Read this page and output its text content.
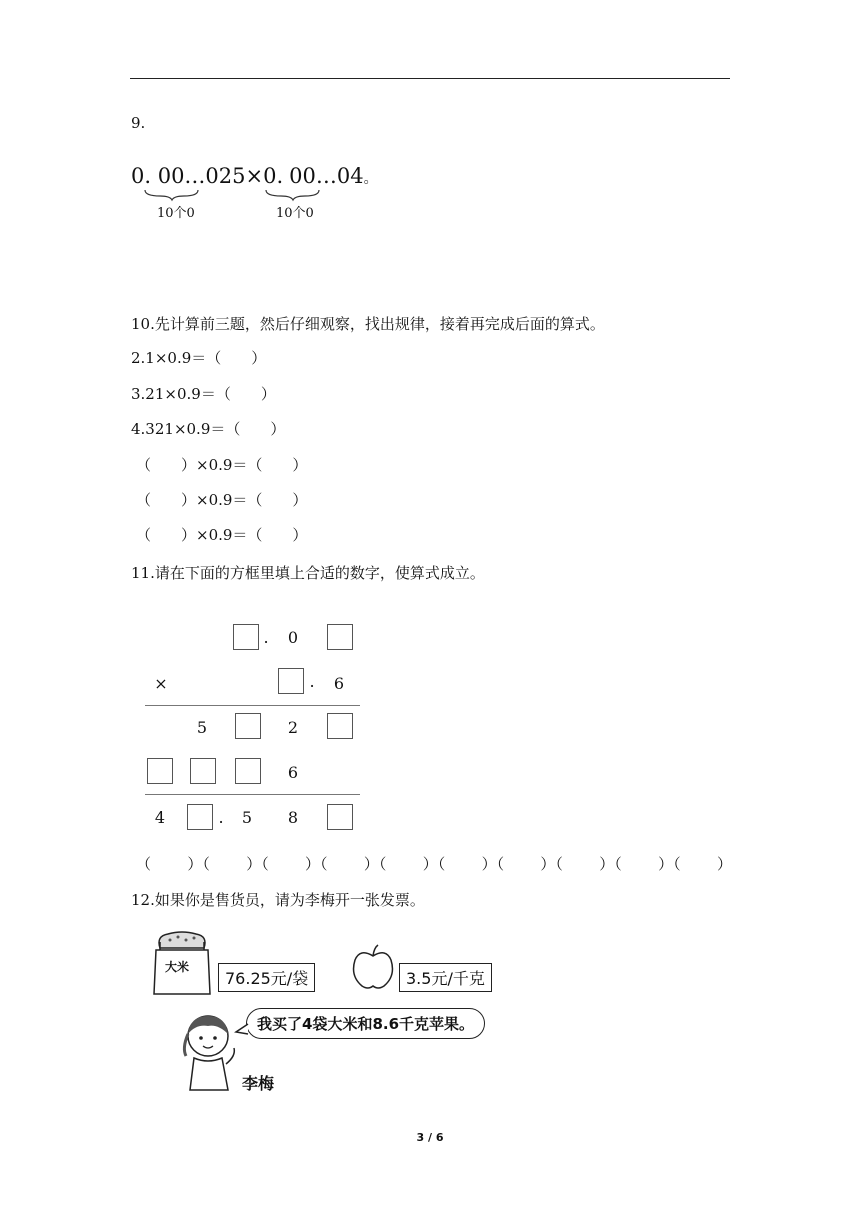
9.
0. 00…025×0. 00…04。
10个0	10个0
10.先计算前三题，然后仔细观察，找出规律，接着再完成后面的算式。
2.1×0.9＝（　　）
3.21×0.9＝（　　）
4.321×0.9＝（　　）
（　　）×0.9＝（　　）
（　　）×0.9＝（　　）
（　　）×0.9＝（　　）
11.请在下面的方框里填上合适的数字，使算式成立。
.	0
×	.	6
5	2
6
4	.	5	8
（ ）（ ）（ ）（ ）（ ）（ ）（ ）（ ）（ ）（ ）
12.如果你是售货员，请为李梅开一张发票。
大米
76.25元/袋	3.5元/千克
我买了4袋大米和8.6千克苹果。
李梅
3 / 6
